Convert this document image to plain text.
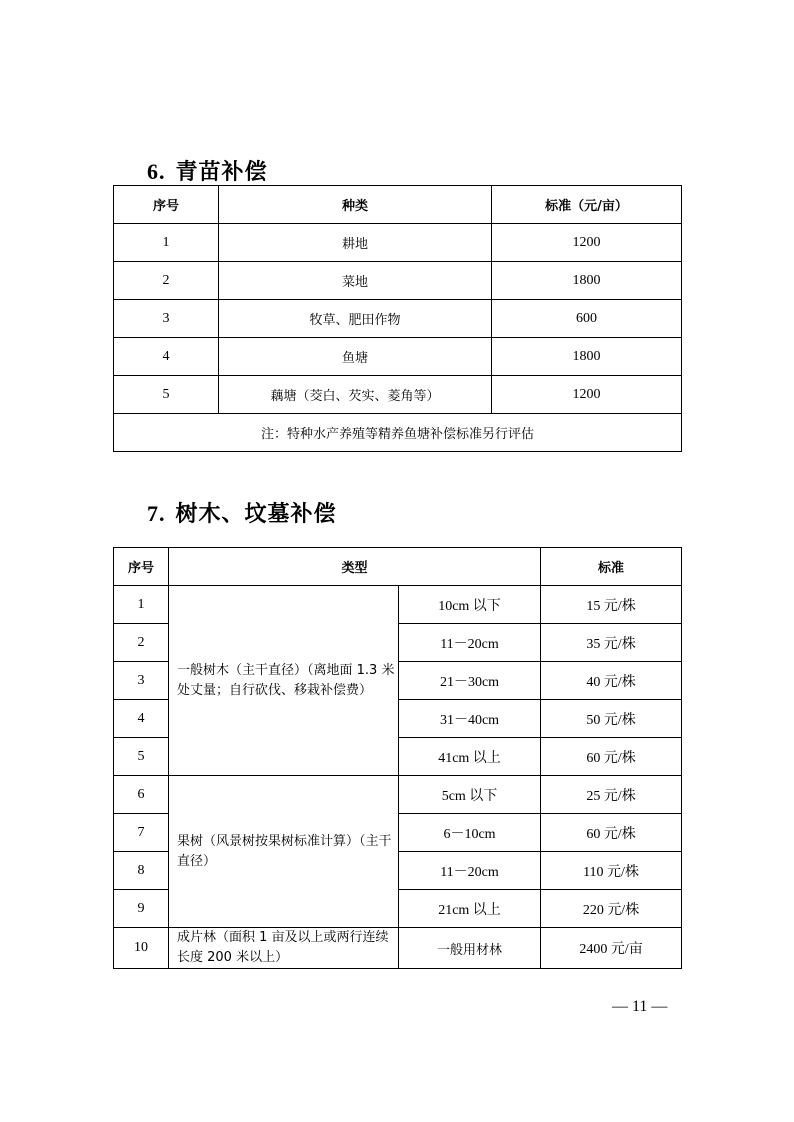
6. 青苗补偿
序号	种类	标准（元/亩）
1	耕地	1200
2	菜地	1800
3	牧草、肥田作物	600
4	鱼塘	1800
5	藕塘（茭白、芡实、菱角等）	1200
注：特种水产养殖等精养鱼塘补偿标准另行评估		
7. 树木、坟墓补偿
序号	类型		标准
1	一般树木（主干直径）（离地面 1.3 米处丈量；自行砍伐、移栽补偿费）	10cm 以下	15 元/株
2		11－20cm	35 元/株
3		21－30cm	40 元/株
4		31－40cm	50 元/株
5		41cm 以上	60 元/株
6	果树（风景树按果树标准计算）（主干直径）	5cm 以下	25 元/株
7		6－10cm	60 元/株
8		11－20cm	110 元/株
9		21cm 以上	220 元/株
10	成片林（面积 1 亩及以上或两行连续长度 200 米以上）	一般用材林	2400 元/亩
— 11 —
